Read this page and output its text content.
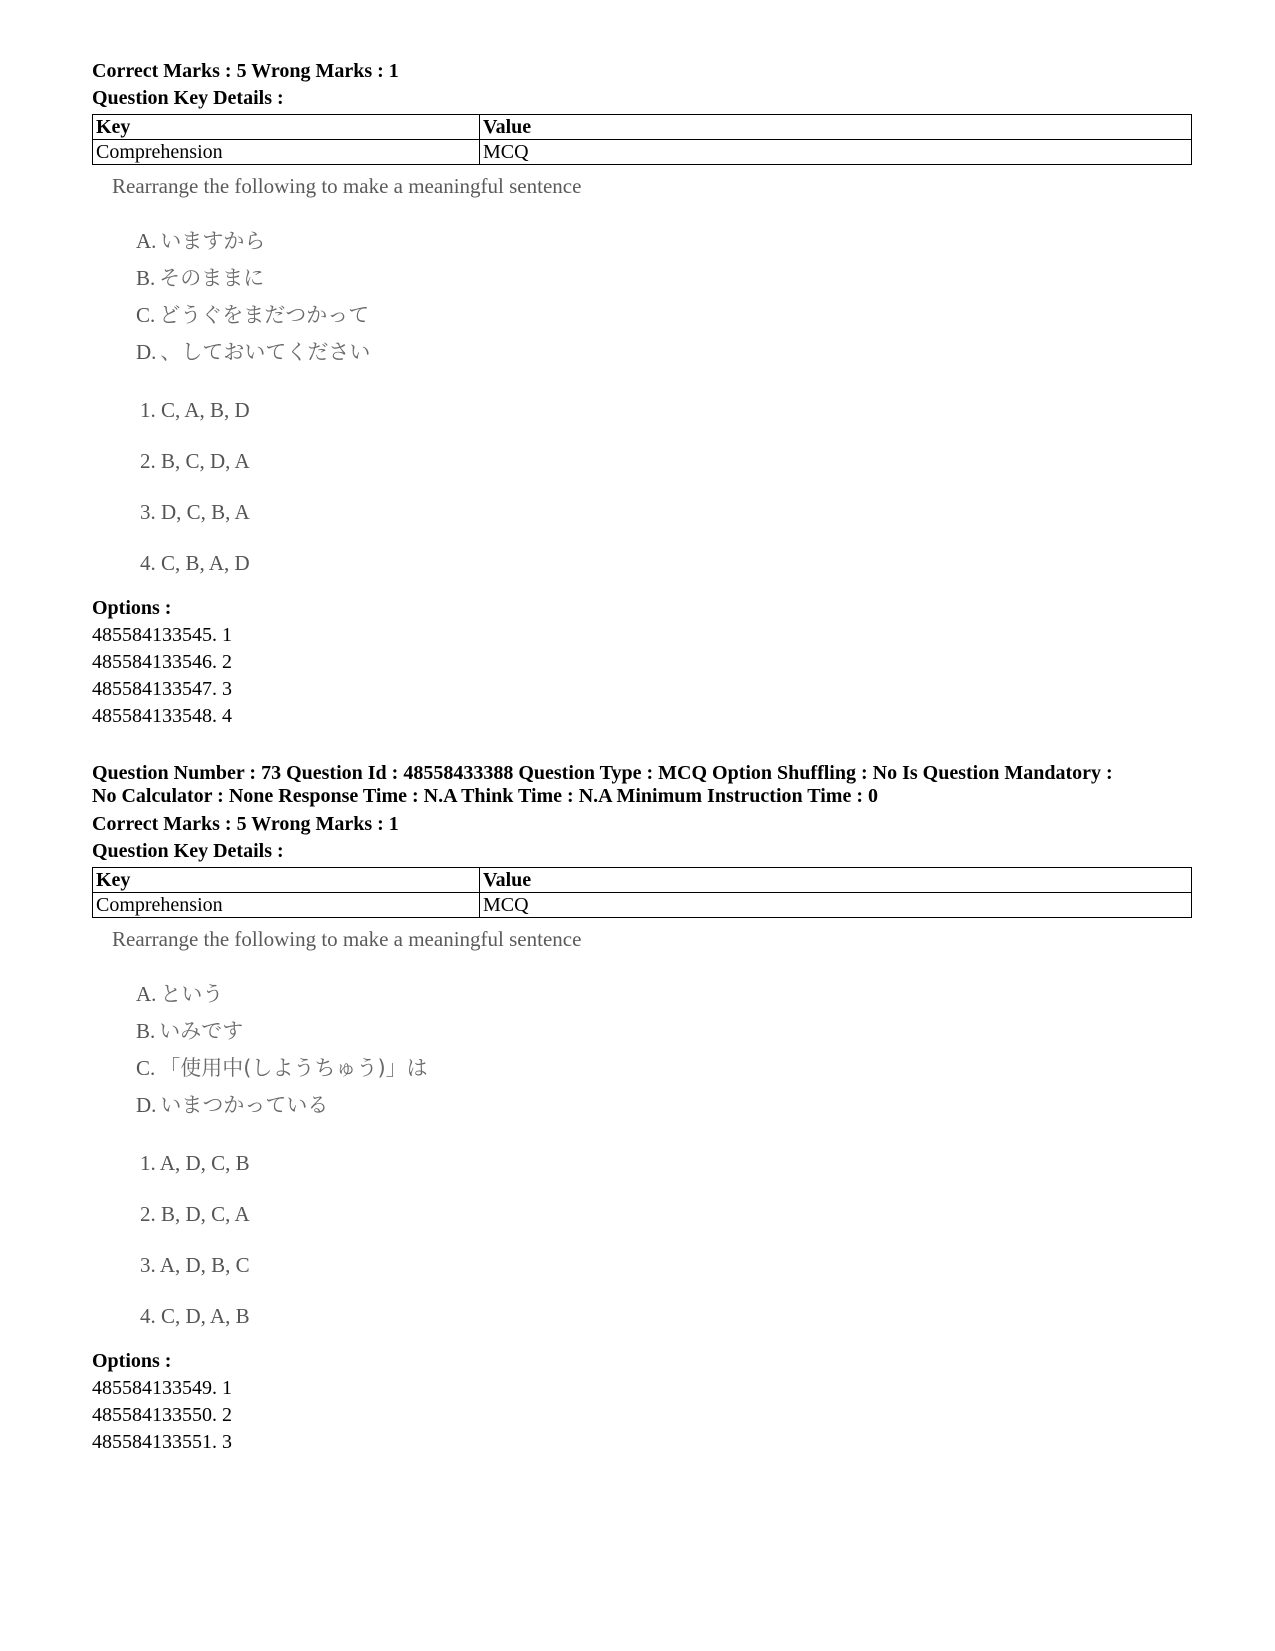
Correct Marks : 5 Wrong Marks : 1
Question Key Details :
Key	Value
Comprehension	MCQ
Rearrange the following to make a meaningful sentence
A. いますから
B. そのままに
C. どうぐをまだつかって
D. 、しておいてください
1. C, A, B, D
2. B, C, D, A
3. D, C, B, A
4. C, B, A, D
Options :
485584133545. 1
485584133546. 2
485584133547. 3
485584133548. 4
Question Number : 73 Question Id : 48558433388 Question Type : MCQ Option Shuffling : No Is Question Mandatory :
No Calculator : None Response Time : N.A Think Time : N.A Minimum Instruction Time : 0
Correct Marks : 5 Wrong Marks : 1
Question Key Details :
Key	Value
Comprehension	MCQ
Rearrange the following to make a meaningful sentence
A. という
B. いみです
C. 「使用中(しようちゅう)」は
D. いまつかっている
1. A, D, C, B
2. B, D, C, A
3. A, D, B, C
4. C, D, A, B
Options :
485584133549. 1
485584133550. 2
485584133551. 3
